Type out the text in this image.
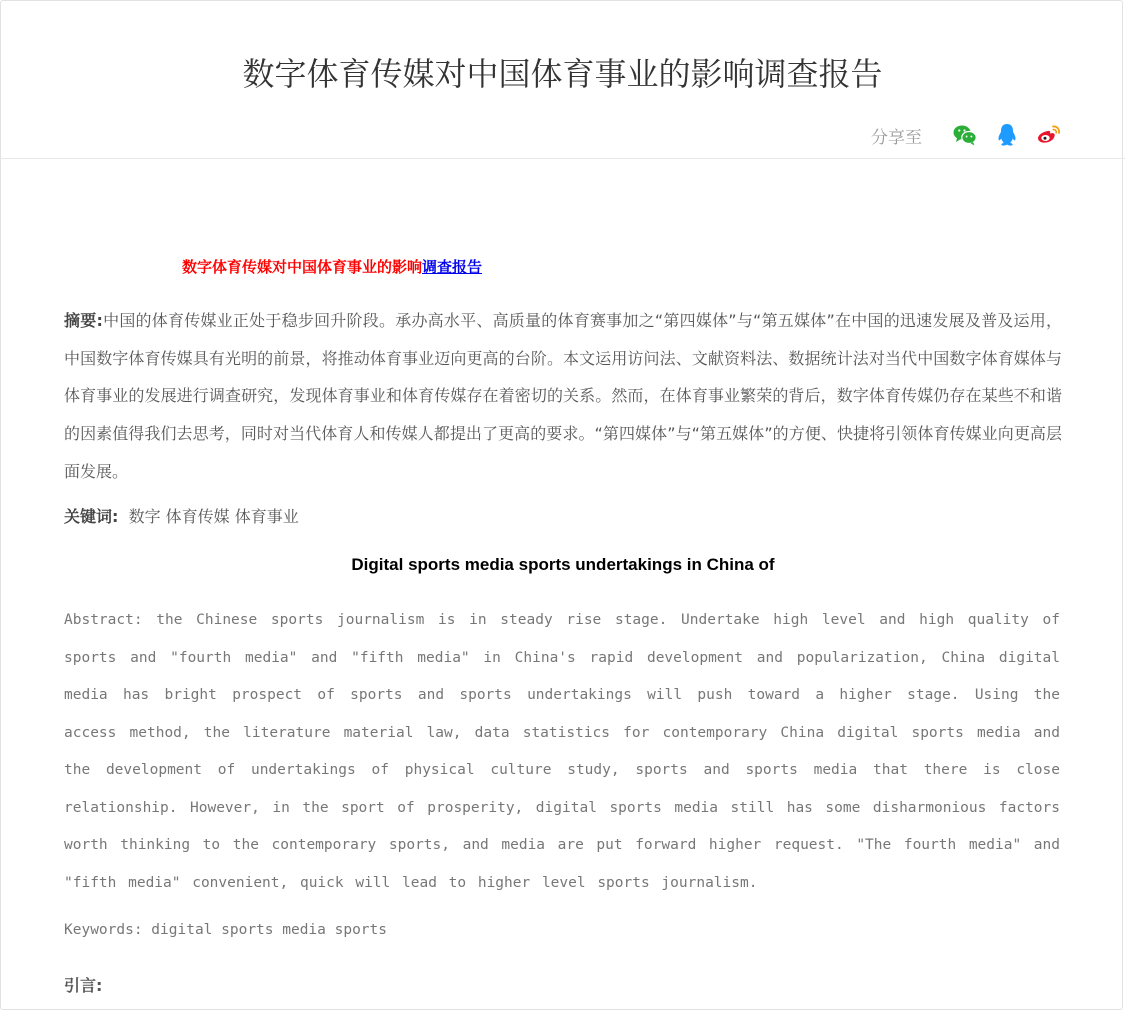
数字体育传媒对中国体育事业的影响调查报告
分享至
数字体育传媒对中国体育事业的影响调查报告
摘要:中国的体育传媒业正处于稳步回升阶段。承办高水平、高质量的体育赛事加之“第四媒体”与“第五媒体”在中国的迅速发展及普及运用，中国数字体育传媒具有光明的前景，将推动体育事业迈向更高的台阶。本文运用访问法、文献资料法、数据统计法对当代中国数字体育媒体与体育事业的发展进行调查研究，发现体育事业和体育传媒存在着密切的关系。然而，在体育事业繁荣的背后，数字体育传媒仍存在某些不和谐的因素值得我们去思考，同时对当代体育人和传媒人都提出了更高的要求。“第四媒体”与“第五媒体”的方便、快捷将引领体育传媒业向更高层面发展。
关键词:  数字 体育传媒 体育事业
Digital sports media sports undertakings in China of
Abstract: the Chinese sports journalism is in steady rise stage. Undertake high level and high quality of sports and "fourth media" and "fifth media" in China's rapid development and popularization, China digital media has bright prospect of sports and sports undertakings will push toward a higher stage. Using the access method, the literature material law, data statistics for contemporary China digital sports media and the development of undertakings of physical culture study, sports and sports media that there is close relationship. However, in the sport of prosperity, digital sports media still has some disharmonious factors worth thinking to the contemporary sports, and media are put forward higher request. "The fourth media" and "fifth media" convenient, quick will lead to higher level sports journalism.
Keywords: digital sports media sports
引言:
